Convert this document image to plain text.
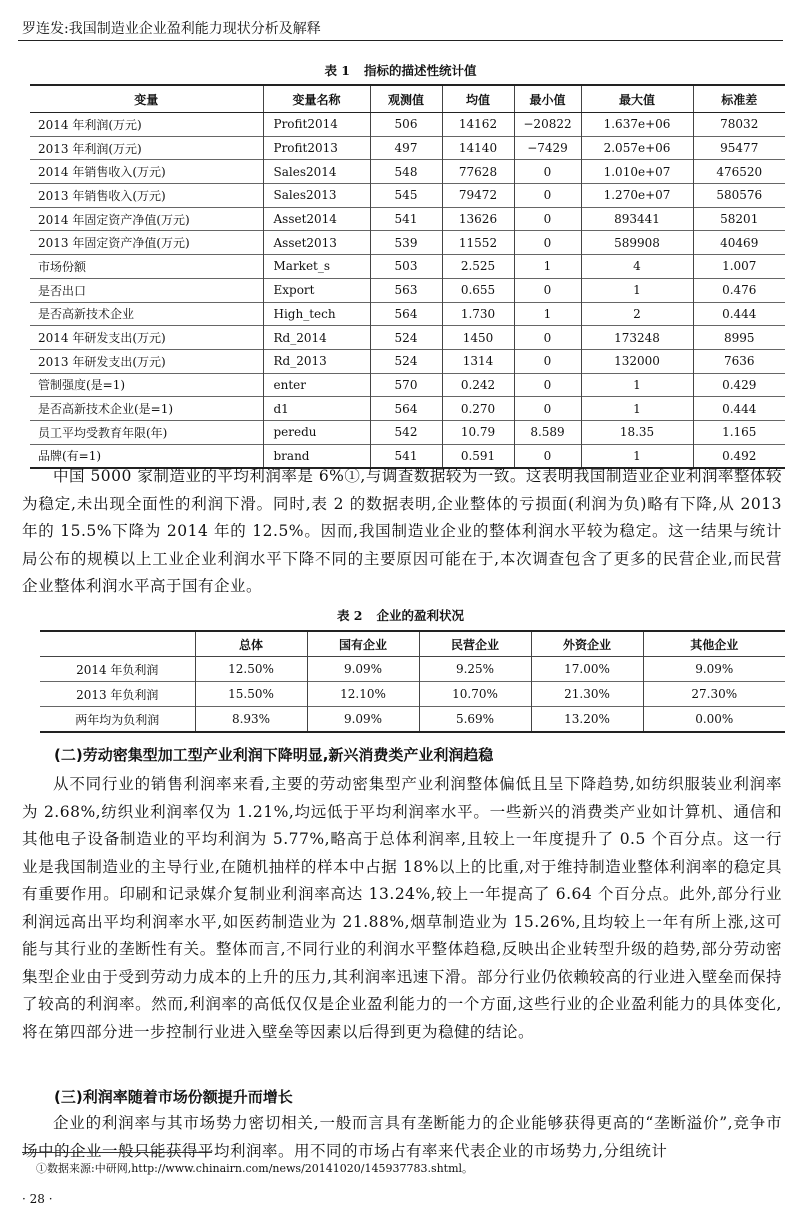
罗连发:我国制造业企业盈利能力现状分析及解释
表 1 指标的描述性统计值
变量	变量名称	观测值	均值	最小值	最大值	标准差
2014 年利润(万元)	Profit2014	506	14162	−20822	1.637e+06	78032
2013 年利润(万元)	Profit2013	497	14140	−7429	2.057e+06	95477
2014 年销售收入(万元)	Sales2014	548	77628	0	1.010e+07	476520
2013 年销售收入(万元)	Sales2013	545	79472	0	1.270e+07	580576
2014 年固定资产净值(万元)	Asset2014	541	13626	0	893441	58201
2013 年固定资产净值(万元)	Asset2013	539	11552	0	589908	40469
市场份额	Market_s	503	2.525	1	4	1.007
是否出口	Export	563	0.655	0	1	0.476
是否高新技术企业	High_tech	564	1.730	1	2	0.444
2014 年研发支出(万元)	Rd_2014	524	1450	0	173248	8995
2013 年研发支出(万元)	Rd_2013	524	1314	0	132000	7636
管制强度(是=1)	enter	570	0.242	0	1	0.429
是否高新技术企业(是=1)	d1	564	0.270	0	1	0.444
员工平均受教育年限(年)	peredu	542	10.79	8.589	18.35	1.165
品牌(有=1)	brand	541	0.591	0	1	0.492

中国 5000 家制造业的平均利润率是 6%①,与调查数据较为一致。这表明我国制造业企业利润率整体较为稳定,未出现全面性的利润下滑。同时,表 2 的数据表明,企业整体的亏损面(利润为负)略有下降,从 2013 年的 15.5%下降为 2014 年的 12.5%。因而,我国制造业企业的整体利润水平较为稳定。这一结果与统计局公布的规模以上工业企业利润水平下降不同的主要原因可能在于,本次调查包含了更多的民营企业,而民营企业整体利润水平高于国有企业。

表 2 企业的盈利状况
	总体	国有企业	民营企业	外资企业	其他企业
2014 年负利润	12.50%	9.09%	9.25%	17.00%	9.09%
2013 年负利润	15.50%	12.10%	10.70%	21.30%	27.30%
两年均为负利润	8.93%	9.09%	5.69%	13.20%	0.00%
(二)劳动密集型加工型产业利润下降明显,新兴消费类产业利润趋稳

从不同行业的销售利润率来看,主要的劳动密集型产业利润整体偏低且呈下降趋势,如纺织服装业利润率为 2.68%,纺织业利润率仅为 1.21%,均远低于平均利润率水平。一些新兴的消费类产业如计算机、通信和其他电子设备制造业的平均利润为 5.77%,略高于总体利润率,且较上一年度提升了 0.5 个百分点。这一行业是我国制造业的主导行业,在随机抽样的样本中占据 18%以上的比重,对于维持制造业整体利润率的稳定具有重要作用。印刷和记录媒介复制业利润率高达 13.24%,较上一年提高了 6.64 个百分点。此外,部分行业利润远高出平均利润率水平,如医药制造业为 21.88%,烟草制造业为 15.26%,且均较上一年有所上涨,这可能与其行业的垄断性有关。整体而言,不同行业的利润水平整体趋稳,反映出企业转型升级的趋势,部分劳动密集型企业由于受到劳动力成本的上升的压力,其利润率迅速下滑。部分行业仍依赖较高的行业进入壁垒而保持了较高的利润率。然而,利润率的高低仅仅是企业盈利能力的一个方面,这些行业的企业盈利能力的具体变化,将在第四部分进一步控制行业进入壁垒等因素以后得到更为稳健的结论。

(三)利润率随着市场份额提升而增长

企业的利润率与其市场势力密切相关,一般而言具有垄断能力的企业能够获得更高的“垄断溢价”,竞争市场中的企业一般只能获得平均利润率。用不同的市场占有率来代表企业的市场势力,分组统计

①数据来源:中研网,http://www.chinairn.com/news/20141020/145937783.shtml。
· 28 ·
